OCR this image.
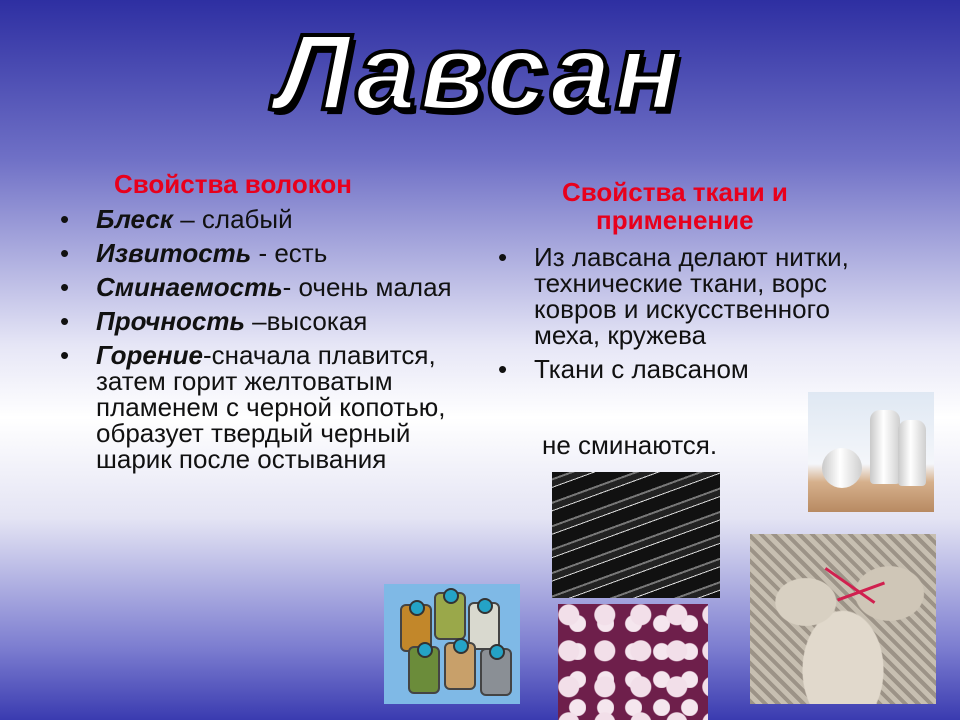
Лавсан
Свойства волокон
• Блеск – слабый
• Извитость - есть
• Сминаемость- очень малая
• Прочность –высокая
• Горение-сначала плавится, затем горит желтоватым пламенем с черной копотью, образует твердый черный шарик после остывания
Свойства ткани и
применение
• Из лавсана делают нитки, технические ткани, ворс ковров и искусственного меха, кружева
• Ткани с лавсаном
не сминаются.
